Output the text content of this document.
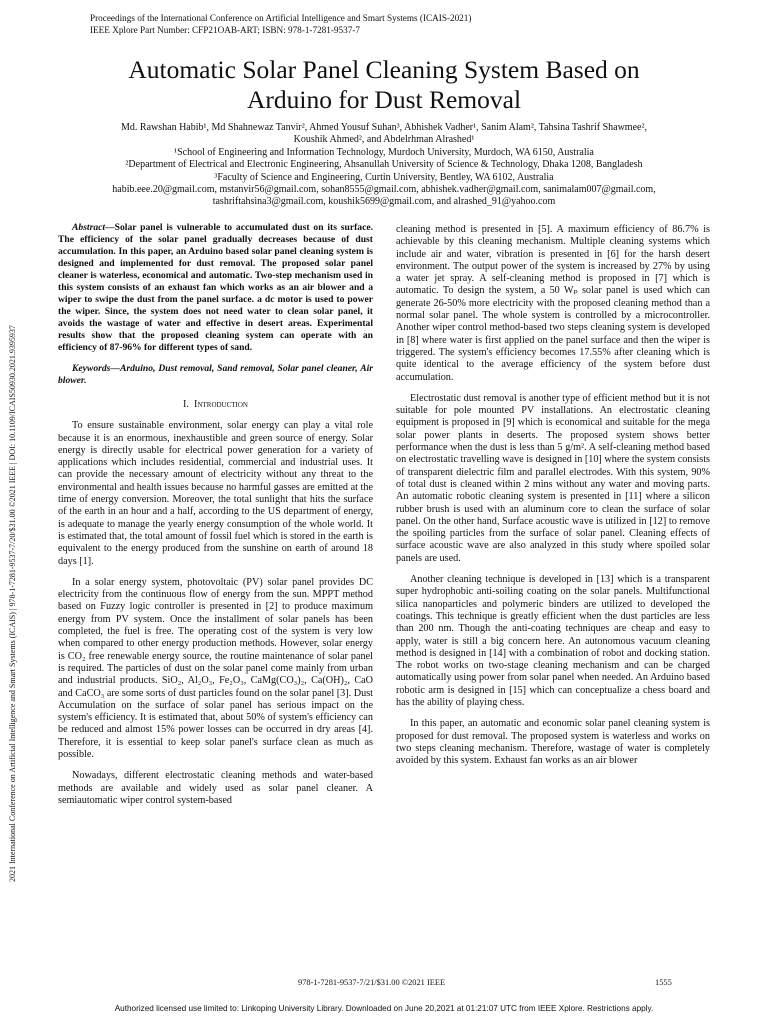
Proceedings of the International Conference on Artificial Intelligence and Smart Systems (ICAIS-2021)
IEEE Xplore Part Number: CFP21OAB-ART; ISBN: 978-1-7281-9537-7
Automatic Solar Panel Cleaning System Based on
Arduino for Dust Removal
Md. Rawshan Habib¹, Md Shahnewaz Tanvir², Ahmed Yousuf Suhan³, Abhishek Vadher¹, Sanim Alam², Tahsina Tashrif Shawmee²,
Koushik Ahmed², and Abdelrhman Alrashed¹
¹School of Engineering and Information Technology, Murdoch University, Murdoch, WA 6150, Australia
²Department of Electrical and Electronic Engineering, Ahsanullah University of Science & Technology, Dhaka 1208, Bangladesh
³Faculty of Science and Engineering, Curtin University, Bentley, WA 6102, Australia
habib.eee.20@gmail.com, mstanvir56@gmail.com, sohan8555@gmail.com, abhishek.vadher@gmail.com, sanimalam007@gmail.com,
tashriftahsina3@gmail.com, koushik5699@gmail.com, and alrashed_91@yahoo.com
2021 International Conference on Artificial Intelligence and Smart Systems (ICAIS) | 978-1-7281-9537-7/20/$31.00 ©2021 IEEE | DOI: 10.1109/ICAIS50930.2021.9395937

Abstract—Solar panel is vulnerable to accumulated dust on its surface. The efficiency of the solar panel gradually decreases because of dust accumulation. In this paper, an Arduino based solar panel cleaning system is designed and implemented for dust removal. The proposed solar panel cleaner is waterless, economical and automatic. Two-step mechanism used in this system consists of an exhaust fan which works as an air blower and a wiper to swipe the dust from the panel surface. a dc motor is used to power the wiper. Since, the system does not need water to clean solar panel, it avoids the wastage of water and effective in desert areas. Experimental results show that the proposed cleaning system can operate with an efficiency of 87-96% for different types of sand.

Keywords—Arduino, Dust removal, Sand removal, Solar panel cleaner, Air blower.

I. Introduction

To ensure sustainable environment, solar energy can play a vital role because it is an enormous, inexhaustible and green source of energy. Solar energy is directly usable for electrical power generation for a variety of applications which includes residential, commercial and industrial uses. It can provide the necessary amount of electricity without any threat to the environmental and health issues because no harmful gasses are emitted at the time of energy conversion. Moreover, the total sunlight that hits the surface of the earth in an hour and a half, according to the US department of energy, is adequate to manage the yearly energy consumption of the whole world. It is estimated that, the total amount of fossil fuel which is stored in the earth is equivalent to the energy produced from the sunshine on earth of around 18 days [1].

In a solar energy system, photovoltaic (PV) solar panel provides DC electricity from the continuous flow of energy from the sun. MPPT method based on Fuzzy logic controller is presented in [2] to produce maximum energy from PV system. Once the installment of solar panels has been completed, the fuel is free. The operating cost of the system is very low when compared to other energy production methods. However, solar energy is CO₂ free renewable energy source, the routine maintenance of solar panel is required. The particles of dust on the solar panel come mainly from urban and industrial products. SiO₂, Al₂O₃, Fe₂O₃, CaMg(CO₃)₂, Ca(OH)₂, CaO and CaCO₃ are some sorts of dust particles found on the solar panel [3]. Dust Accumulation on the surface of solar panel has serious impact on the system's efficiency. It is estimated that, about 50% of system's efficiency can be reduced and almost 15% power losses can be occurred in dry areas [4]. Therefore, it is essential to keep solar panel's surface clean as much as possible.

Nowadays, different electrostatic cleaning methods and water-based methods are available and widely used as solar panel cleaner. A semiautomatic wiper control system-based

cleaning method is presented in [5]. A maximum efficiency of 86.7% is achievable by this cleaning mechanism. Multiple cleaning systems which include air and water, vibration is presented in [6] for the harsh desert environment. The output power of the system is increased by 27% by using a water jet spray. A self-cleaning method is proposed in [7] which is automatic. To design the system, a 50 Wₚ solar panel is used which can generate 26-50% more electricity with the proposed cleaning method than a normal solar panel. The whole system is controlled by a microcontroller. Another wiper control method-based two steps cleaning system is developed in [8] where water is first applied on the panel surface and then the wiper is triggered. The system's efficiency becomes 17.55% after cleaning which is quite identical to the average efficiency of the system before dust accumulation.

Electrostatic dust removal is another type of efficient method but it is not suitable for pole mounted PV installations. An electrostatic cleaning equipment is proposed in [9] which is economical and suitable for the mega solar power plants in deserts. The proposed system shows better performance when the dust is less than 5 g/m². A self-cleaning method based on electrostatic travelling wave is designed in [10] where the system consists of transparent dielectric film and parallel electrodes. With this system, 90% of total dust is cleaned within 2 mins without any water and moving parts. An automatic robotic cleaning system is presented in [11] where a silicon rubber brush is used with an aluminum core to clean the surface of solar panel. On the other hand, Surface acoustic wave is utilized in [12] to remove the spoiling particles from the surface of solar panel. Cleaning effects of surface acoustic wave are also analyzed in this study where spoiled solar panels are used.

Another cleaning technique is developed in [13] which is a transparent super hydrophobic anti-soiling coating on the solar panels. Multifunctional silica nanoparticles and polymeric binders are utilized to developed the coatings. This technique is greatly efficient when the dust particles are less than 200 nm. Though the anti-coating techniques are cheap and easy to apply, water is still a big concern here. An autonomous vacuum cleaning method is designed in [14] with a combination of robot and docking station. The robot works on two-stage cleaning mechanism and can be charged automatically using power from solar panel when needed. An Arduino based robotic arm is designed in [15] which can conceptualize a chess board and has the ability of playing chess.

In this paper, an automatic and economic solar panel cleaning system is proposed for dust removal. The proposed system is waterless and works on two steps cleaning mechanism. Therefore, wastage of water is completely avoided by this system. Exhaust fan works as an air blower

978-1-7281-9537-7/21/$31.00 ©2021 IEEE	1555
Authorized licensed use limited to: Linkoping University Library. Downloaded on June 20,2021 at 01:21:07 UTC from IEEE Xplore. Restrictions apply.
